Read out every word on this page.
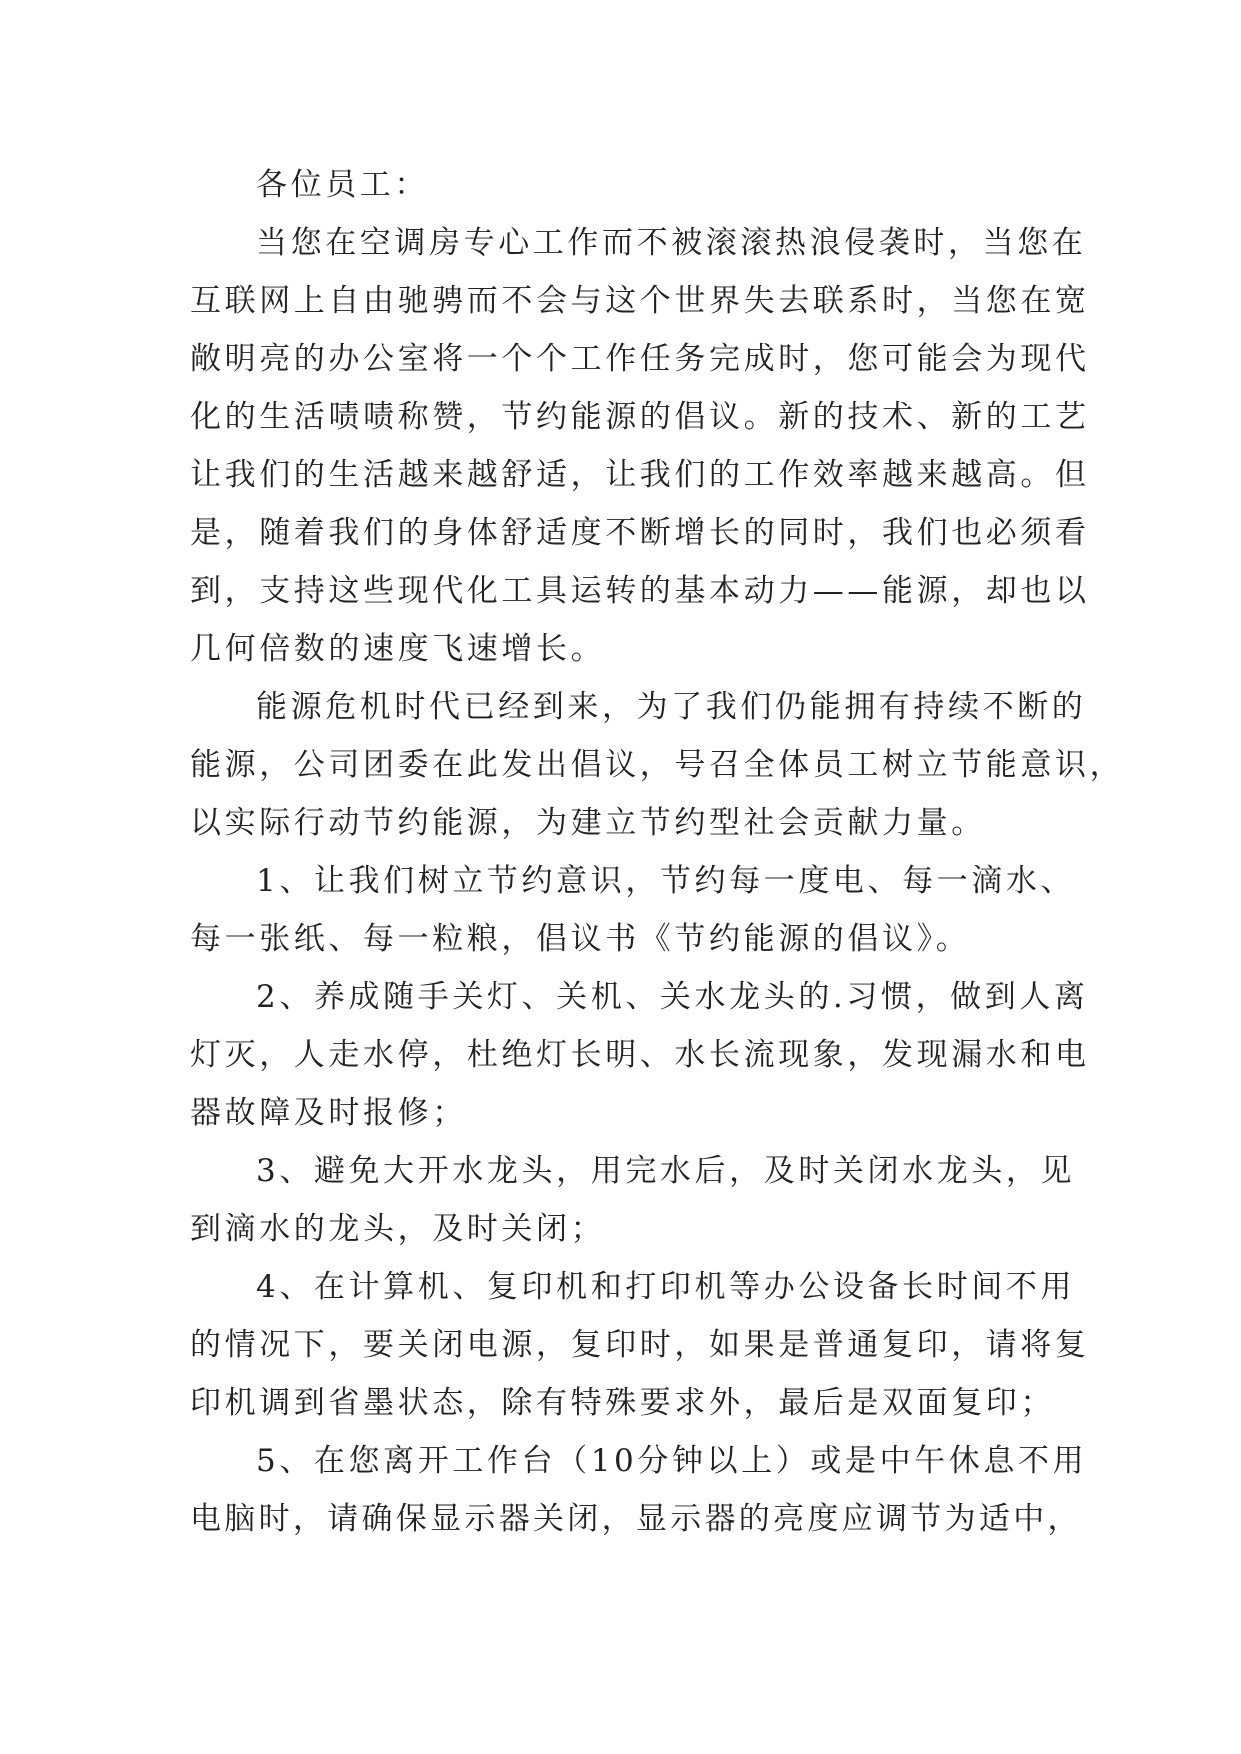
各位员工：
当您在空调房专心工作而不被滚滚热浪侵袭时，当您在
互联网上自由驰骋而不会与这个世界失去联系时，当您在宽
敞明亮的办公室将一个个工作任务完成时，您可能会为现代
化的生活啧啧称赞，节约能源的倡议。新的技术、新的工艺
让我们的生活越来越舒适，让我们的工作效率越来越高。但
是，随着我们的身体舒适度不断增长的同时，我们也必须看
到，支持这些现代化工具运转的基本动力——能源，却也以
几何倍数的速度飞速增长。
能源危机时代已经到来，为了我们仍能拥有持续不断的
能源，公司团委在此发出倡议，号召全体员工树立节能意识，
以实际行动节约能源，为建立节约型社会贡献力量。
1、让我们树立节约意识，节约每一度电、每一滴水、
每一张纸、每一粒粮，倡议书《节约能源的倡议》。
2、养成随手关灯、关机、关水龙头的.习惯，做到人离
灯灭，人走水停，杜绝灯长明、水长流现象，发现漏水和电
器故障及时报修；
3、避免大开水龙头，用完水后，及时关闭水龙头，见
到滴水的龙头，及时关闭；
4、在计算机、复印机和打印机等办公设备长时间不用
的情况下，要关闭电源，复印时，如果是普通复印，请将复
印机调到省墨状态，除有特殊要求外，最后是双面复印；
5、在您离开工作台（10分钟以上）或是中午休息不用
电脑时，请确保显示器关闭，显示器的亮度应调节为适中，
